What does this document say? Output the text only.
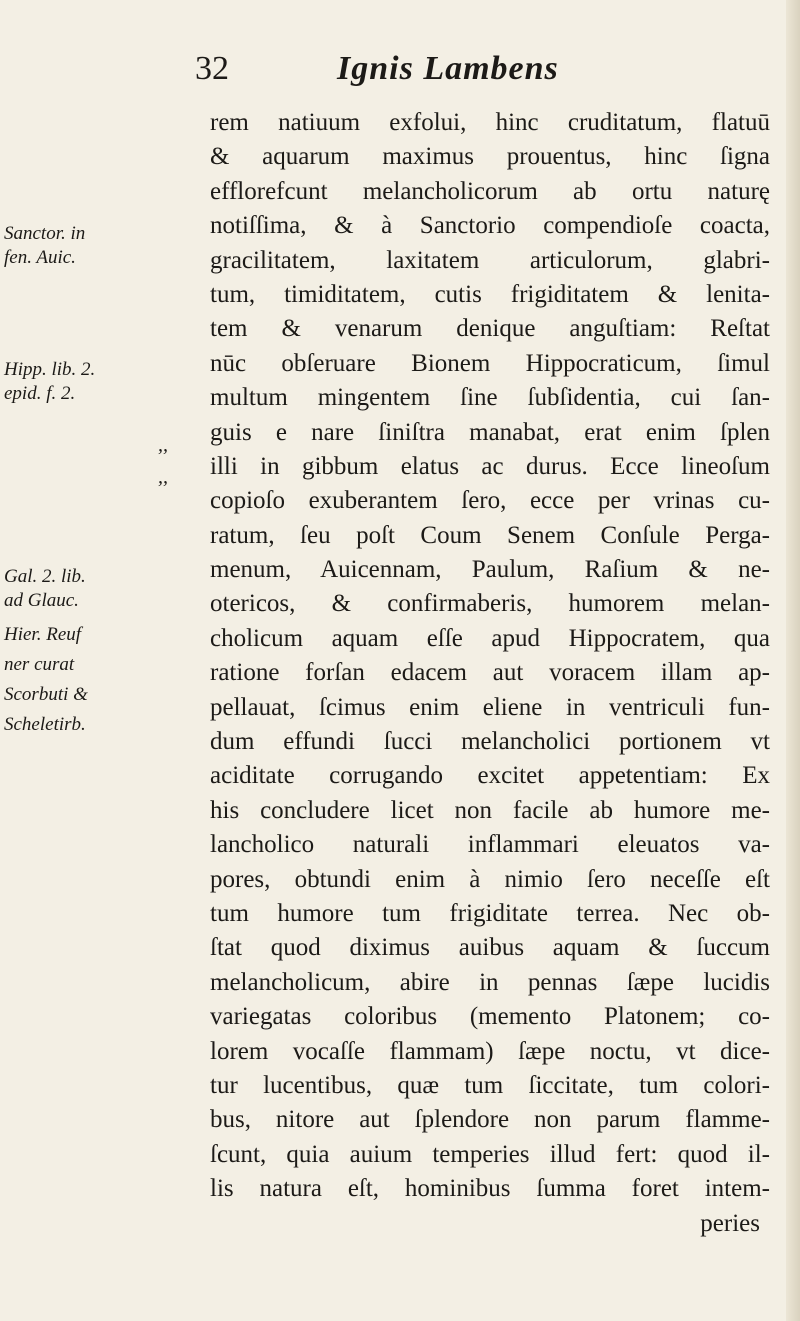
32	Ignis Lambens
Sanctor. in
fen. Auic.
Hipp. lib. 2.
epid. f. 2.
,,
,,
Gal. 2. lib.
ad Glauc.
Hier. Reuf
ner curat
Scorbuti &
Scheletirb.
rem natiuum exfolui, hinc cruditatum, flatuū
& aquarum maximus prouentus, hinc ſigna
efflorefcunt melancholicorum ab ortu naturę
notiſſima, & à Sanctorio compendioſe coacta,
gracilitatem, laxitatem articulorum, glabri-
tum, timiditatem, cutis frigiditatem & lenita-
tem & venarum denique anguſtiam: Reſtat
nūc obſeruare Bionem Hippocraticum, ſimul
multum mingentem ſine ſubſidentia, cui ſan-
guis e nare ſiniſtra manabat, erat enim ſplen
illi in gibbum elatus ac durus. Ecce lineoſum
copioſo exuberantem ſero, ecce per vrinas cu-
ratum, ſeu poſt Coum Senem Conſule Perga-
menum, Auicennam, Paulum, Raſium & ne-
otericos, & confirmaberis, humorem melan-
cholicum aquam eſſe apud Hippocratem, qua
ratione forſan edacem aut voracem illam ap-
pellauat, ſcimus enim eliene in ventriculi fun-
dum effundi ſucci melancholici portionem vt
aciditate corrugando excitet appetentiam: Ex
his concludere licet non facile ab humore me-
lancholico naturali inflammari eleuatos va-
pores, obtundi enim à nimio ſero neceſſe eſt
tum humore tum frigiditate terrea. Nec ob-
ſtat quod diximus auibus aquam & ſuccum
melancholicum, abire in pennas ſæpe lucidis
variegatas coloribus (memento Platonem; co-
lorem vocaſſe flammam) ſæpe noctu, vt dice-
tur lucentibus, quæ tum ſiccitate, tum colori-
bus, nitore aut ſplendore non parum flamme-
ſcunt, quia auium temperies illud fert: quod il-
lis natura eſt, hominibus ſumma foret intem-
peries
